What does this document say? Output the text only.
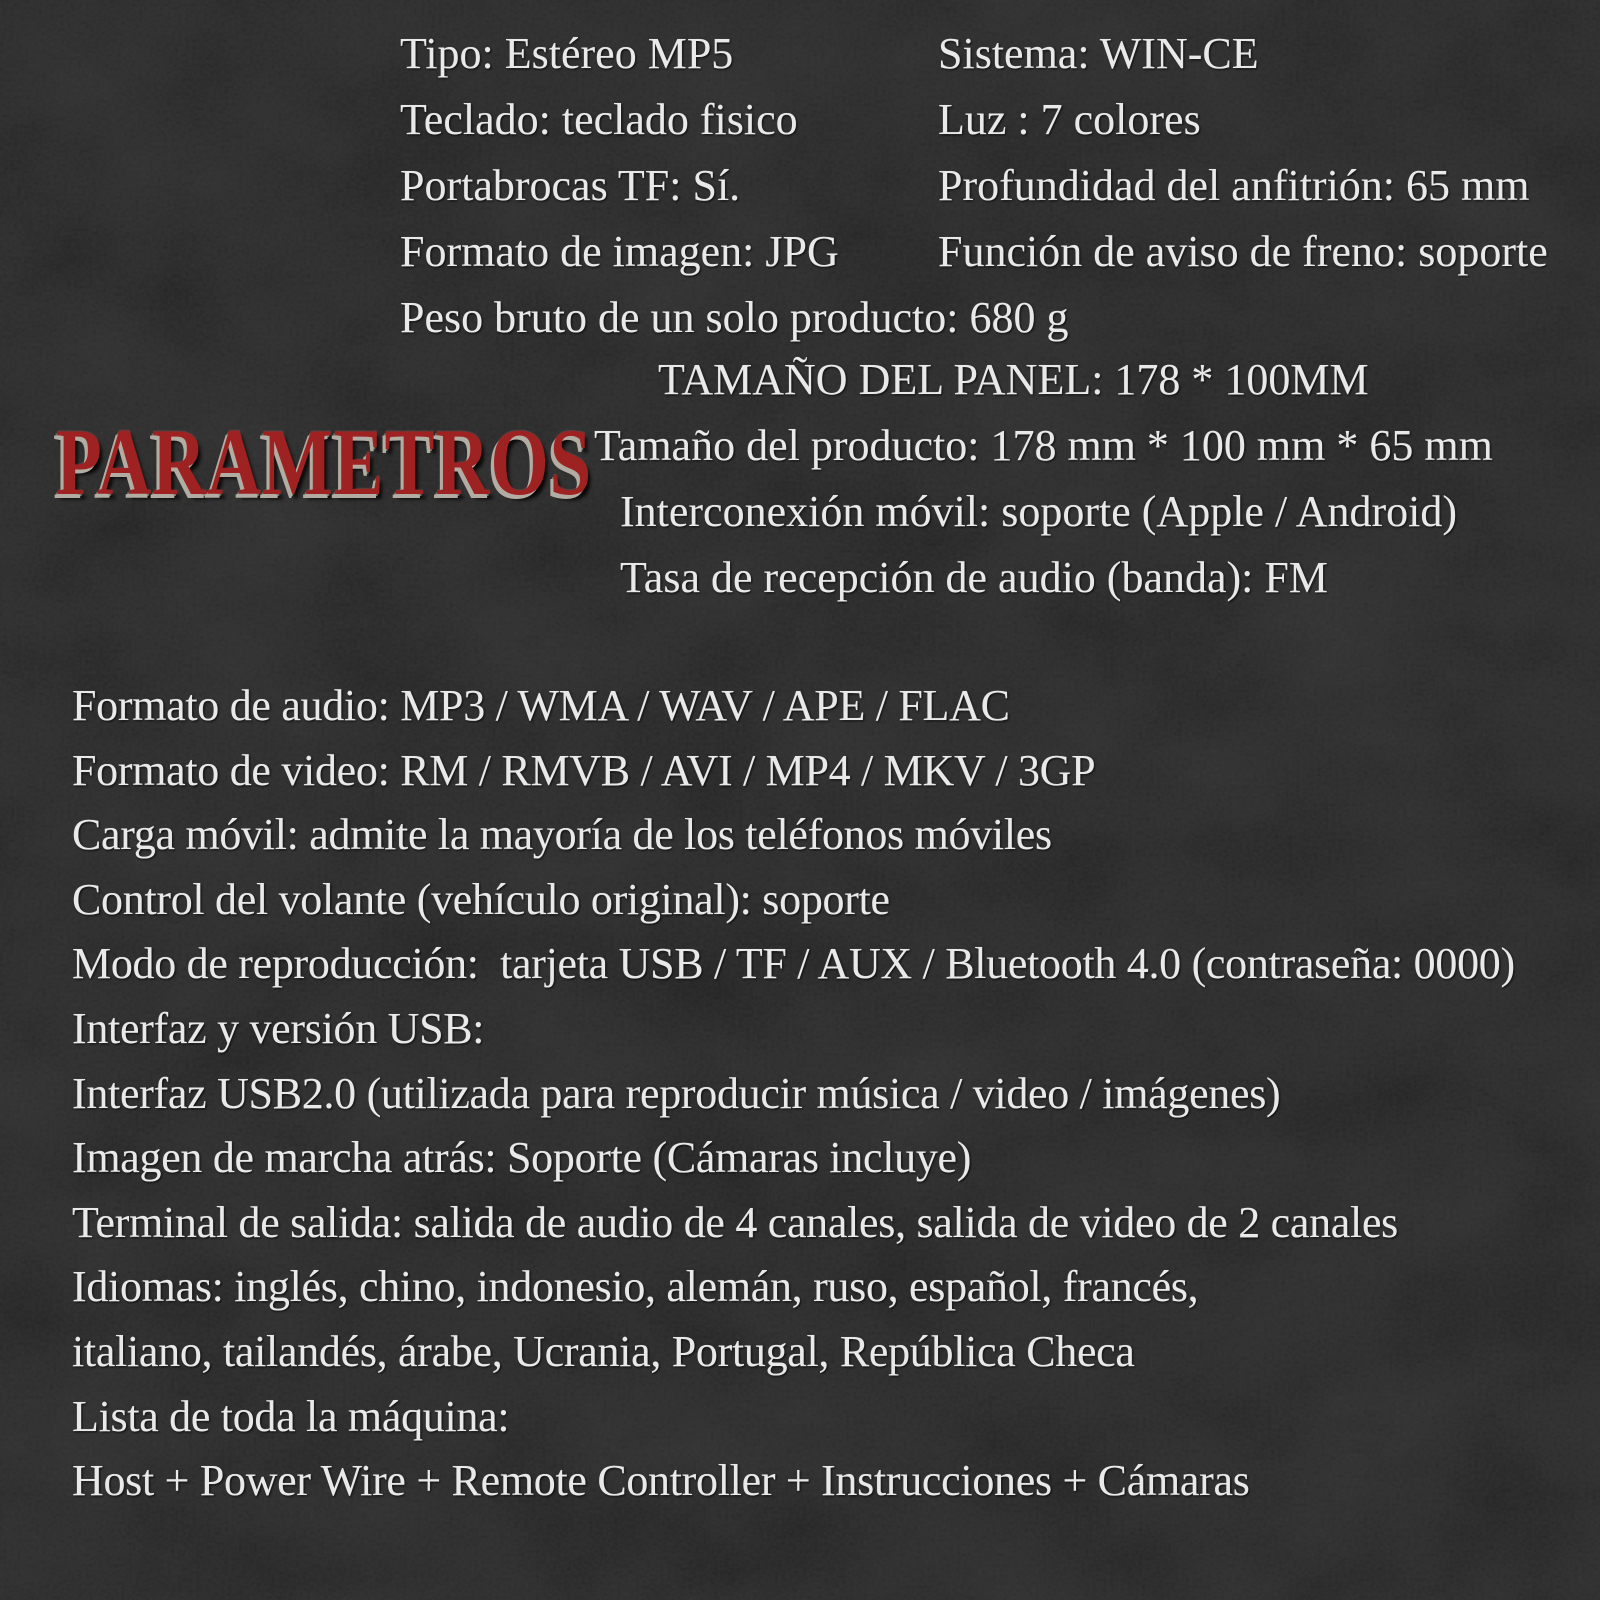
Tipo: Estéreo MP5
Teclado: teclado fisico
Portabrocas TF: Sí.
Formato de imagen: JPG
Peso bruto de un solo producto: 680 g
Sistema: WIN-CE
Luz : 7 colores
Profundidad del anfitrión: 65 mm
Función de aviso de freno: soporte
TAMAÑO DEL PANEL: 178 * 100MM
Tamaño del producto: 178 mm * 100 mm * 65 mm
Interconexión móvil: soporte (Apple / Android)
Tasa de recepción de audio (banda): FM
PARAMETROS
Formato de audio: MP3 / WMA / WAV / APE / FLAC
Formato de video: RM / RMVB / AVI / MP4 / MKV / 3GP
Carga móvil: admite la mayoría de los teléfonos móviles
Control del volante (vehículo original): soporte
Modo de reproducción:  tarjeta USB / TF / AUX / Bluetooth 4.0 (contraseña: 0000)
Interfaz y versión USB:
Interfaz USB2.0 (utilizada para reproducir música / video / imágenes)
Imagen de marcha atrás: Soporte (Cámaras incluye)
Terminal de salida: salida de audio de 4 canales, salida de video de 2 canales
Idiomas: inglés, chino, indonesio, alemán, ruso, español, francés,
italiano, tailandés, árabe, Ucrania, Portugal, República Checa
Lista de toda la máquina:
Host + Power Wire + Remote Controller + Instrucciones + Cámaras
